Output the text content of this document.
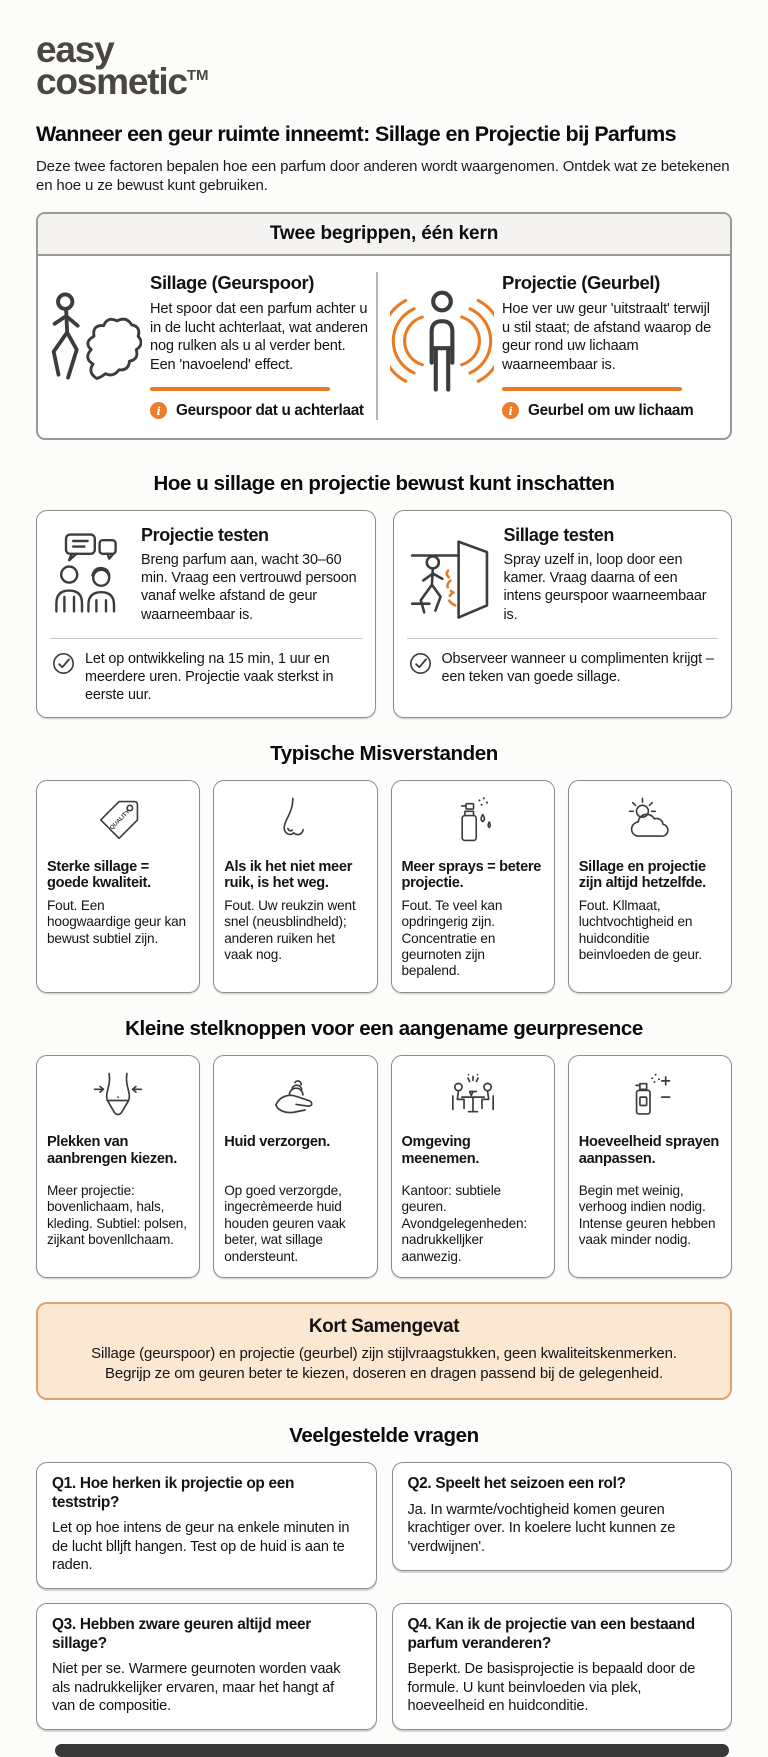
easy
cosmetic™
Wanneer een geur ruimte inneemt: Sillage en Projectie bij Parfums

Deze twee factoren bepalen hoe een parfum door anderen wordt waargenomen. Ontdek wat ze betekenen en hoe u ze bewust kunt gebruiken.

Twee begrippen, één kern
Sillage (Geurspoor)

Het spoor dat een parfum achter u in de lucht achterlaat, wat anderen nog rulken als u al verder bent. Een 'navoelend' effect.

i	Geurspoor dat u achterlaat
Projectie (Geurbel)

Hoe ver uw geur 'uitstraalt' terwijl u stil staat; de afstand waarop de geur rond uw lichaam waarneembaar is.

i	Geurbel om uw lichaam
Hoe u sillage en projectie bewust kunt inschatten
Projectie testen

Breng parfum aan, wacht 30–60 min. Vraag een vertrouwd persoon vanaf welke afstand de geur waarneembaar is.

Let op ontwikkeling na 15 min, 1 uur en meerdere uren. Projectie vaak sterkst in eerste uur.
Sillage testen

Spray uzelf in, loop door een kamer. Vraag daarna of een intens geurspoor waarneembaar is.

Observeer wanneer u complimenten krijgt – een teken van goede sillage.
Typische Misverstanden
QUALITY

Sterke sillage = goede kwaliteit.

Fout. Een hoogwaardige geur kan bewust subtiel zijn.

Als ik het niet meer ruik, is het weg.

Fout. Uw reukzin went snel (neusblindheld); anderen ruiken het vaak nog.

Meer sprays = betere projectie.

Fout. Te veel kan opdringerig zijn. Concentratie en geurnoten zijn bepalend.

Sillage en projectie zijn altijd hetzelfde.

Fout. Kllmaat, luchtvochtigheid en huidconditie beinvloeden de geur.

Kleine stelknoppen voor een aangename geurpresence

Plekken van aanbrengen kiezen.

Meer projectie: bovenlichaam, hals, kleding. Subtiel: polsen, zijkant bovenllchaam.

Huid verzorgen.

Op goed verzorgde, ingecrèmeerde huid houden geuren vaak beter, wat sillage ondersteunt.

Omgeving meenemen.

Kantoor: subtiele geuren. Avondgelegenheden: nadrukkelljker aanwezig.

Hoeveelheid sprayen aanpassen.

Begin met weinig, verhoog indien nodig. Intense geuren hebben vaak minder nodig.

Kort Samengevat

Sillage (geurspoor) en projectie (geurbel) zijn stijlvraagstukken, geen kwaliteitskenmerken. Begrijp ze om geuren beter te kiezen, doseren en dragen passend bij de gelegenheid.

Veelgestelde vragen

Q1. Hoe herken ik projectie op een teststrip?

Let op hoe intens de geur na enkele minuten in de lucht blljft hangen. Test op de huid is aan te raden.

Q2. Speelt het seizoen een rol?

Ja. In warmte/vochtigheid komen geuren krachtiger over. In koelere lucht kunnen ze 'verdwijnen'.

Q3. Hebben zware geuren altijd meer sillage?

Niet per se. Warmere geurnoten worden vaak als nadrukkelijker ervaren, maar het hangt af van de compositie.

Q4. Kan ik de projectie van een bestaand parfum veranderen?

Beperkt. De basisprojectie is bepaald door de formule. U kunt beinvloeden via plek, hoeveelheid en huidconditie.
